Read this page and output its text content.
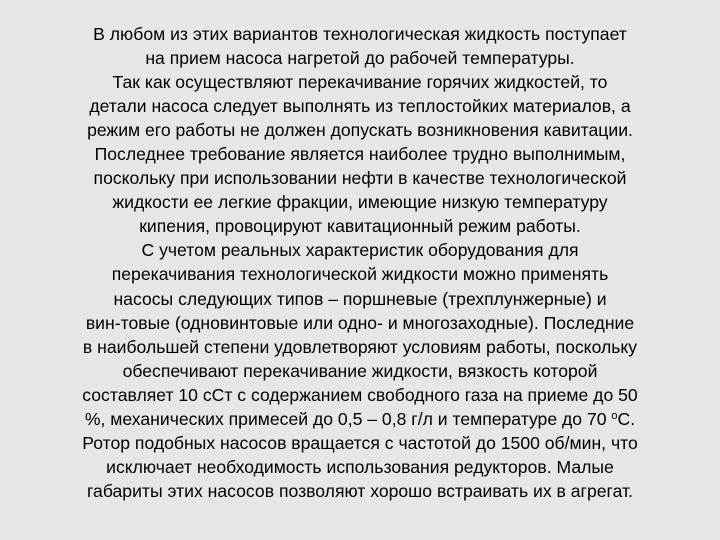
В любом из этих вариантов технологическая жидкость поступает
на прием насоса нагретой до рабочей температуры.
Так как осуществляют перекачивание горячих жидкостей, то
детали насоса следует выполнять из теплостойких материалов, а
режим его работы не должен допускать возникновения кавитации.
Последнее требование является наиболее трудно выполнимым,
поскольку при использовании нефти в качестве технологической
жидкости ее легкие фракции, имеющие низкую температуру
кипения, провоцируют кавитационный режим работы.
С учетом реальных характеристик оборудования для
перекачивания технологической жидкости можно применять
насосы следующих типов – поршневые (трехплунжерные) и
вин-товые (одновинтовые или одно- и многозаходные). Последние
в наибольшей степени удовлетворяют условиям работы, поскольку
обеспечивают перекачивание жидкости, вязкость которой
составляет 10 сСт с содержанием свободного газа на приеме до 50
%, механических примесей до 0,5 – 0,8 г/л и температуре до 70 $^о$С.
Ротор подобных насосов вращается с частотой до 1500 об/мин, что
исключает необходимость использования редукторов. Малые
габариты этих насосов позволяют хорошо встраивать их в агрегат.
